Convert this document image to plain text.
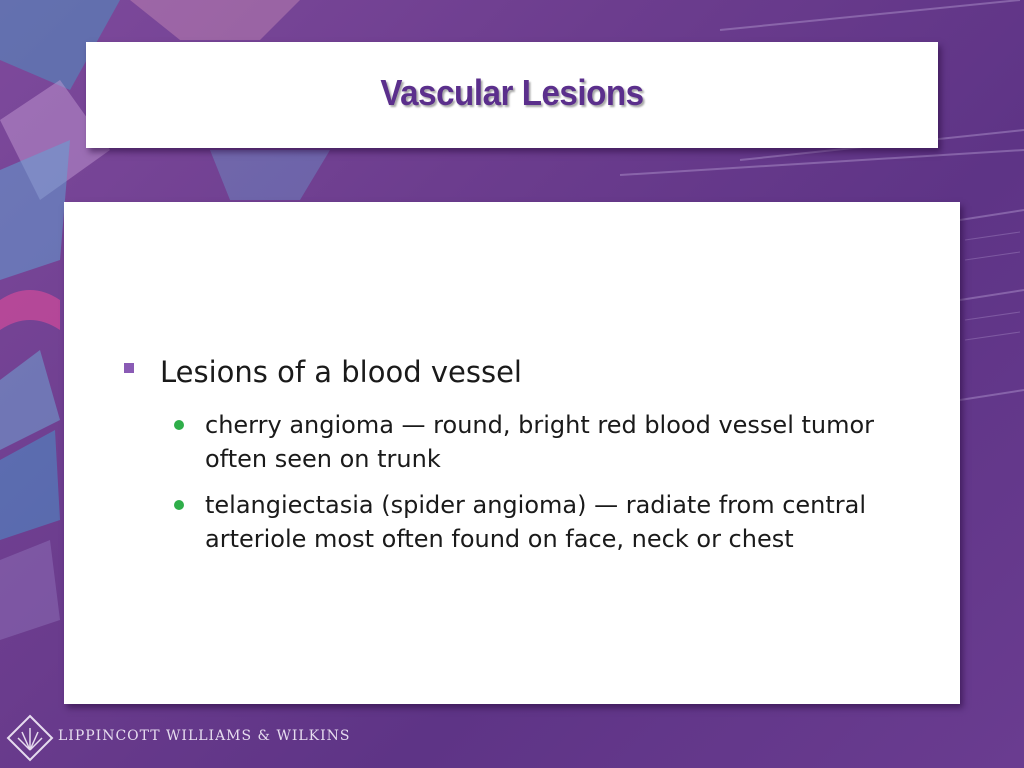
Vascular Lesions
Lesions of a blood vessel
cherry angioma — round, bright red blood vessel tumor often seen on trunk
telangiectasia (spider angioma) — radiate from central arteriole most often found on face, neck or chest
LIPPINCOTT WILLIAMS & WILKINS
